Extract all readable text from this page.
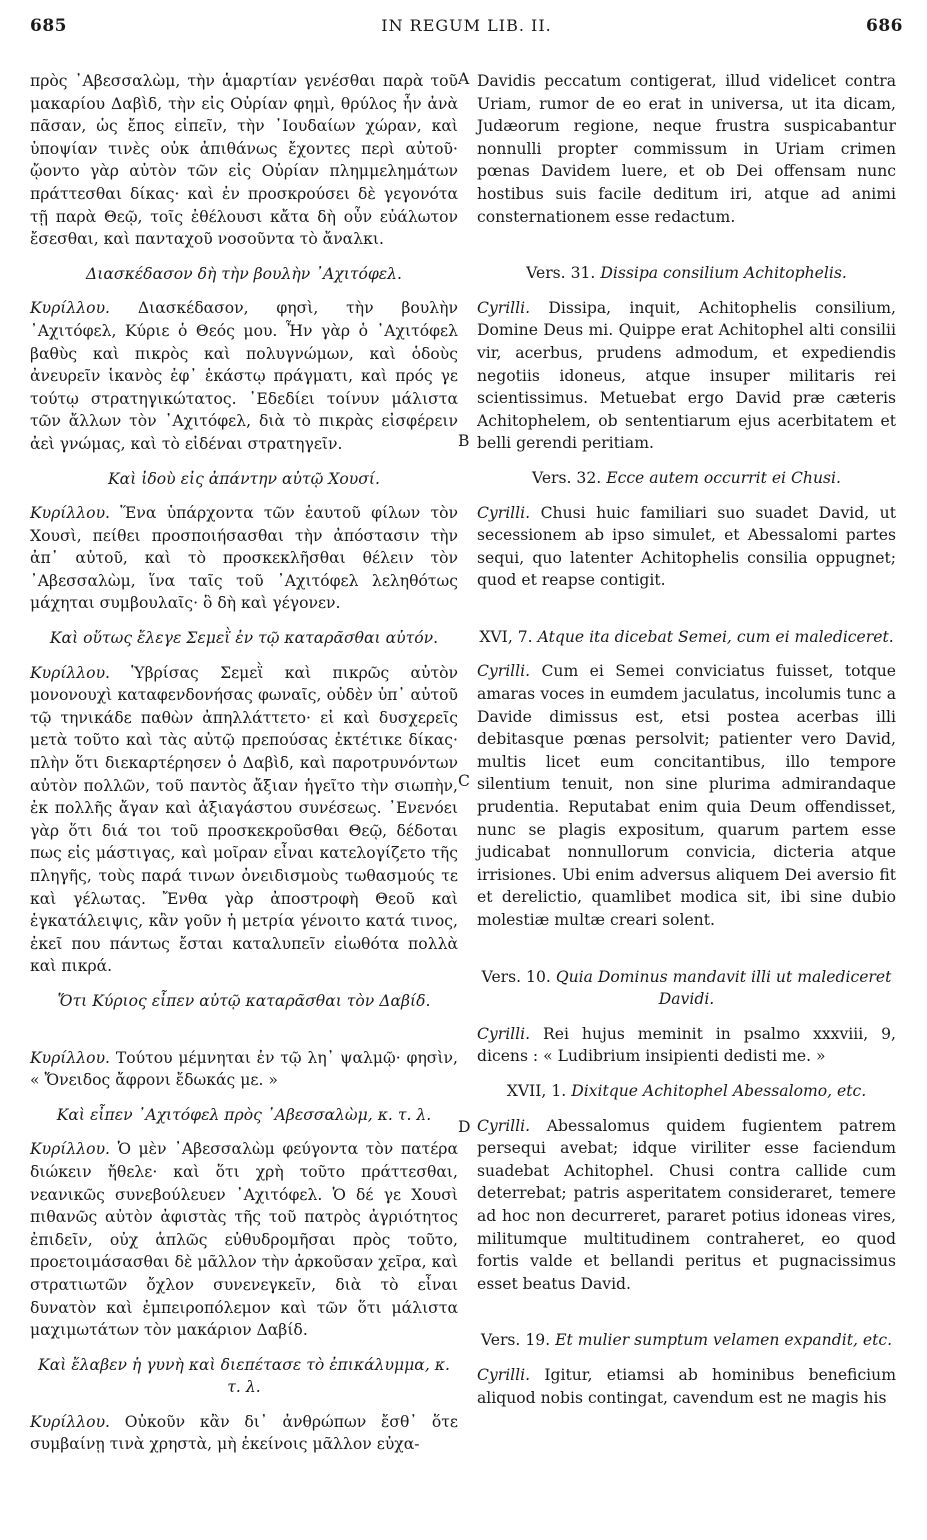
685	IN REGUM LIB. II.	686
A
B
C
D

πρὸς ᾿Αβεσσαλὼμ, τὴν ἁμαρτίαν γενέσθαι παρὰ τοῦ μακαρίου Δαβὶδ, τὴν εἰς Οὐρίαν φημὶ, θρύλος ἦν ἀνὰ πᾶσαν, ὡς ἔπος εἰπεῖν, τὴν ᾿Ιουδαίων χώραν, καὶ ὑποψίαν τινὲς οὐκ ἀπιθάνως ἔχοντες περὶ αὐτοῦ· ᾤοντο γὰρ αὐτὸν τῶν εἰς Οὐρίαν πλημμελημάτων πράττεσθαι δίκας· καὶ ἐν προσκρούσει δὲ γεγονότα τῇ παρὰ Θεῷ, τοῖς ἐθέλουσι κἄτα δὴ οὖν εὐάλωτον ἔσεσθαι, καὶ πανταχοῦ νοσοῦντα τὸ ἄναλκι.

Διασκέδασον δὴ τὴν βουλὴν ᾿Αχιτόφελ.

Κυρίλλου. Διασκέδασον, φησὶ, τὴν βουλὴν ᾿Αχιτόφελ, Κύριε ὁ Θεός μου. Ἦν γὰρ ὁ ᾿Αχιτόφελ βαθὺς καὶ πικρὸς καὶ πολυγνώμων, καὶ ὁδοὺς ἀνευρεῖν ἱκανὸς ἐφ᾿ ἑκάστῳ πράγματι, καὶ πρός γε τούτῳ στρατηγικώτατος. ᾿Εδεδίει τοίνυν μάλιστα τῶν ἄλλων τὸν ᾿Αχιτόφελ, διὰ τὸ πικρὰς εἰσφέρειν ἀεὶ γνώμας, καὶ τὸ εἰδέναι στρατηγεῖν.

Καὶ ἰδοὺ εἰς ἀπάντην αὐτῷ Χουσί.

Κυρίλλου. Ἕνα ὑπάρχοντα τῶν ἑαυτοῦ φίλων τὸν Χουσὶ, πείθει προσποιήσασθαι τὴν ἀπόστασιν τὴν ἀπ᾿ αὐτοῦ, καὶ τὸ προσκεκλῆσθαι θέλειν τὸν ᾿Αβεσσαλὼμ, ἵνα ταῖς τοῦ ᾿Αχιτόφελ λεληθότως μάχηται συμβουλαῖς· ὃ δὴ καὶ γέγονεν.

Καὶ οὕτως ἔλεγε Σεμεῒ ἐν τῷ καταρᾶσθαι αὐτόν.

Κυρίλλου. Ὑβρίσας Σεμεῒ καὶ πικρῶς αὐτὸν μονονουχὶ καταφενδονήσας φωναῖς, οὐδὲν ὑπ᾿ αὐτοῦ τῷ τηνικάδε παθὼν ἀπηλλάττετο· εἰ καὶ δυσχερεῖς μετὰ τοῦτο καὶ τὰς αὐτῷ πρεπούσας ἐκτέτικε δίκας· πλὴν ὅτι διεκαρτέρησεν ὁ Δαβὶδ, καὶ παροτρυνόντων αὐτὸν πολλῶν, τοῦ παντὸς ἄξιαν ἡγεῖτο τὴν σιωπὴν, ἐκ πολλῆς ἄγαν καὶ ἀξιαγάστου συνέσεως. ᾿Ενενόει γὰρ ὅτι διά τοι τοῦ προσκεκροῦσθαι Θεῷ, δέδοται πως εἰς μάστιγας, καὶ μοῖραν εἶναι κατελογίζετο τῆς πληγῆς, τοὺς παρά τινων ὀνειδισμοὺς τωθασμούς τε καὶ γέλωτας. Ἔνθα γὰρ ἀποστροφὴ Θεοῦ καὶ ἐγκατάλειψις, κἂν γοῦν ἡ μετρία γένοιτο κατά τινος, ἐκεῖ που πάντως ἔσται καταλυπεῖν εἰωθότα πολλὰ καὶ πικρά.

Ὅτι Κύριος εἶπεν αὐτῷ καταρᾶσθαι τὸν Δαβίδ.

Κυρίλλου. Τούτου μέμνηται ἐν τῷ λη᾿ ψαλμῷ· φησὶν, « Ὄνειδος ἄφρονι ἔδωκάς με. »

Καὶ εἶπεν ᾿Αχιτόφελ πρὸς ᾿Αβεσσαλὼμ, κ. τ. λ.

Κυρίλλου. Ὁ μὲν ᾿Αβεσσαλὼμ φεύγοντα τὸν πατέρα διώκειν ἤθελε· καὶ ὅτι χρὴ τοῦτο πράττεσθαι, νεανικῶς συνεβούλευεν ᾿Αχιτόφελ. Ὁ δέ γε Χουσὶ πιθανῶς αὐτὸν ἀφιστὰς τῆς τοῦ πατρὸς ἀγριότητος ἐπιδεῖν, οὐχ ἁπλῶς εὐθυδρομῆσαι πρὸς τοῦτο, προετοιμάσασθαι δὲ μᾶλλον τὴν ἀρκοῦσαν χεῖρα, καὶ στρατιωτῶν ὄχλον συνενεγκεῖν, διὰ τὸ εἶναι δυνατὸν καὶ ἐμπειροπόλεμον καὶ τῶν ὅτι μάλιστα μαχιμωτάτων τὸν μακάριον Δαβίδ.

Καὶ ἔλαβεν ἡ γυνὴ καὶ διεπέτασε τὸ ἐπικάλυμμα, κ. τ. λ.

Κυρίλλου. Οὐκοῦν κἂν δι᾿ ἀνθρώπων ἔσθ᾿ ὅτε συμβαίνῃ τινὰ χρηστὰ, μὴ ἐκείνοις μᾶλλον εὐχα-

Davidis peccatum contigerat, illud videlicet contra Uriam, rumor de eo erat in universa, ut ita dicam, Judæorum regione, neque frustra suspicabantur nonnulli propter commissum in Uriam crimen pœnas Davidem luere, et ob Dei offensam nunc hostibus suis facile deditum iri, atque ad animi consternationem esse redactum.

Vers. 31. Dissipa consilium Achitophelis.

Cyrilli. Dissipa, inquit, Achitophelis consilium, Domine Deus mi. Quippe erat Achitophel alti consilii vir, acerbus, prudens admodum, et expediendis negotiis idoneus, atque insuper militaris rei scientissimus. Metuebat ergo David præ cæteris Achitophelem, ob sententiarum ejus acerbitatem et belli gerendi peritiam.

Vers. 32. Ecce autem occurrit ei Chusi.

Cyrilli. Chusi huic familiari suo suadet David, ut secessionem ab ipso simulet, et Abessalomi partes sequi, quo latenter Achitophelis consilia oppugnet; quod et reapse contigit.

XVI, 7. Atque ita dicebat Semei, cum ei malediceret.

Cyrilli. Cum ei Semei conviciatus fuisset, totque amaras voces in eumdem jaculatus, incolumis tunc a Davide dimissus est, etsi postea acerbas illi debitasque pœnas persolvit; patienter vero David, multis licet eum concitantibus, illo tempore silentium tenuit, non sine plurima admirandaque prudentia. Reputabat enim quia Deum offendisset, nunc se plagis expositum, quarum partem esse judicabat nonnullorum convicia, dicteria atque irrisiones. Ubi enim adversus aliquem Dei aversio fit et derelictio, quamlibet modica sit, ibi sine dubio molestiæ multæ creari solent.

Vers. 10. Quia Dominus mandavit illi ut malediceret Davidi.

Cyrilli. Rei hujus meminit in psalmo xxxviii, 9, dicens : « Ludibrium insipienti dedisti me. »

XVII, 1. Dixitque Achitophel Abessalomo, etc.

Cyrilli. Abessalomus quidem fugientem patrem persequi avebat; idque viriliter esse faciendum suadebat Achitophel. Chusi contra callide cum deterrebat; patris asperitatem consideraret, temere ad hoc non decurreret, pararet potius idoneas vires, militumque multitudinem contraheret, eo quod fortis valde et bellandi peritus et pugnacissimus esset beatus David.

Vers. 19. Et mulier sumptum velamen expandit, etc.

Cyrilli. Igitur, etiamsi ab hominibus beneficium aliquod nobis contingat, cavendum est ne magis his
